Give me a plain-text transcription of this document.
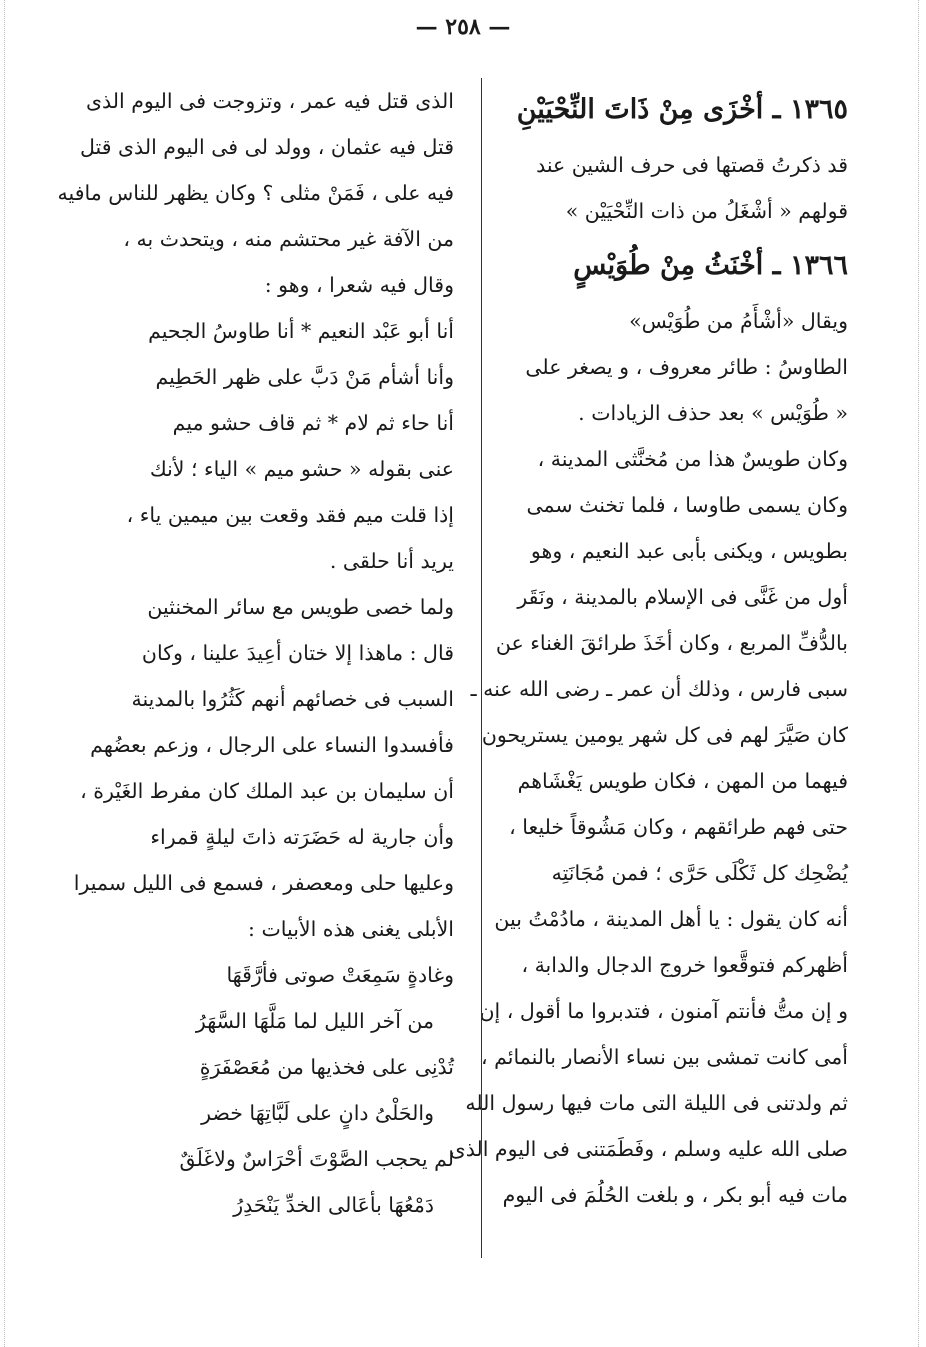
— ٢٥٨ —
١٣٦٥ ـ أخْزَى مِنْ ذَاتَ النِّحْيَيْنِ
قد ذكرتُ قصتها فى حرف الشين عند
قولهم « أشْغَلُ من ذات النِّحْيَيْن »
١٣٦٦ ـ أخْنَثُ مِنْ طُوَيْسٍ
ويقال «أشْأَمُ من طُوَيْس»
الطاوسُ : طائر معروف ، و يصغر على
« طُوَيْس » بعد حذف الزيادات .
وكان طويسٌ هذا من مُخنَّثى المدينة ،
وكان يسمى طاوسا ، فلما تخنث سمى
بطويس ، ويكنى بأبى عبد النعيم ، وهو
أول من غَنَّى فى الإسلام بالمدينة ، ونَقَر
بالدُّفِّ المربع ، وكان أخَذَ طرائقَ الغناء عن
سبى فارس ، وذلك أن عمر ـ رضى الله عنه ـ
كان صَيَّرَ لهم فى كل شهر يومين يستريحون
فيهما من المهن ، فكان طويس يَغْشَاهم
حتى فهم طرائقهم ، وكان مَشُوقاً خليعا ،
يُضْحِك كل ثَكْلَى حَرَّى ؛ فمن مُجَانَتِه
أنه كان يقول : يا أهل المدينة ، مادُمْتُ بين
أظهركم فتوقَّعوا خروج الدجال والدابة ،
و إن متُّ فأنتم آمنون ، فتدبروا ما أقول ، إن
أمى كانت تمشى بين نساء الأنصار بالنمائم ،
ثم ولدتنى فى الليلة التى مات فيها رسول الله
صلى الله عليه وسلم ، وفَطَمَتنى فى اليوم الذى
مات فيه أبو بكر ، و بلغت الحُلُمَ فى اليوم
الذى قتل فيه عمر ، وتزوجت فى اليوم الذى
قتل فيه عثمان ، وولد لى فى اليوم الذى قتل
فيه على ، فَمَنْ مثلى ؟ وكان يظهر للناس مافيه
من الآفة غير محتشم منه ، ويتحدث به ،
وقال فيه شعرا ، وهو :
أنا أبو عَبْد النعيم * أنا طاوسُ الجحيم
وأنا أشأم مَنْ دَبَّ على ظهر الحَطِيم
أنا حاء ثم لام * ثم قاف حشو ميم
عنى بقوله « حشو ميم » الياء ؛ لأنك
إذا قلت ميم فقد وقعت بين ميمين ياء ،
يريد أنا حلقى .
ولما خصى طويس مع سائر المخنثين
قال : ماهذا إلا ختان أعِيدَ علينا ، وكان
السبب فى خصائهم أنهم كَثُرُوا بالمدينة
فأفسدوا النساء على الرجال ، وزعم بعضُهم
أن سليمان بن عبد الملك كان مفرط الغَيْرة ،
وأن جارية له حَضَرَته ذاتَ ليلةٍ قمراء
وعليها حلى ومعصفر ، فسمع فى الليل سميرا
الأبلى يغنى هذه الأبيات :
وغادةٍ سَمِعَتْ صوتى فأرَّقَهَا
من آخر الليل لما مَلَّهَا السَّهَرُ
تُدْنِى على فخذيها من مُعَصْفَرَةٍ
والحَلْىُ دانٍ على لَبَّاتِهَا خضر
لم يحجب الصَّوْتَ أحْرَاسٌ ولاغَلَقٌ
دَمْعُهَا بأعَالى الخدِّ يَنْحَدِرُ
